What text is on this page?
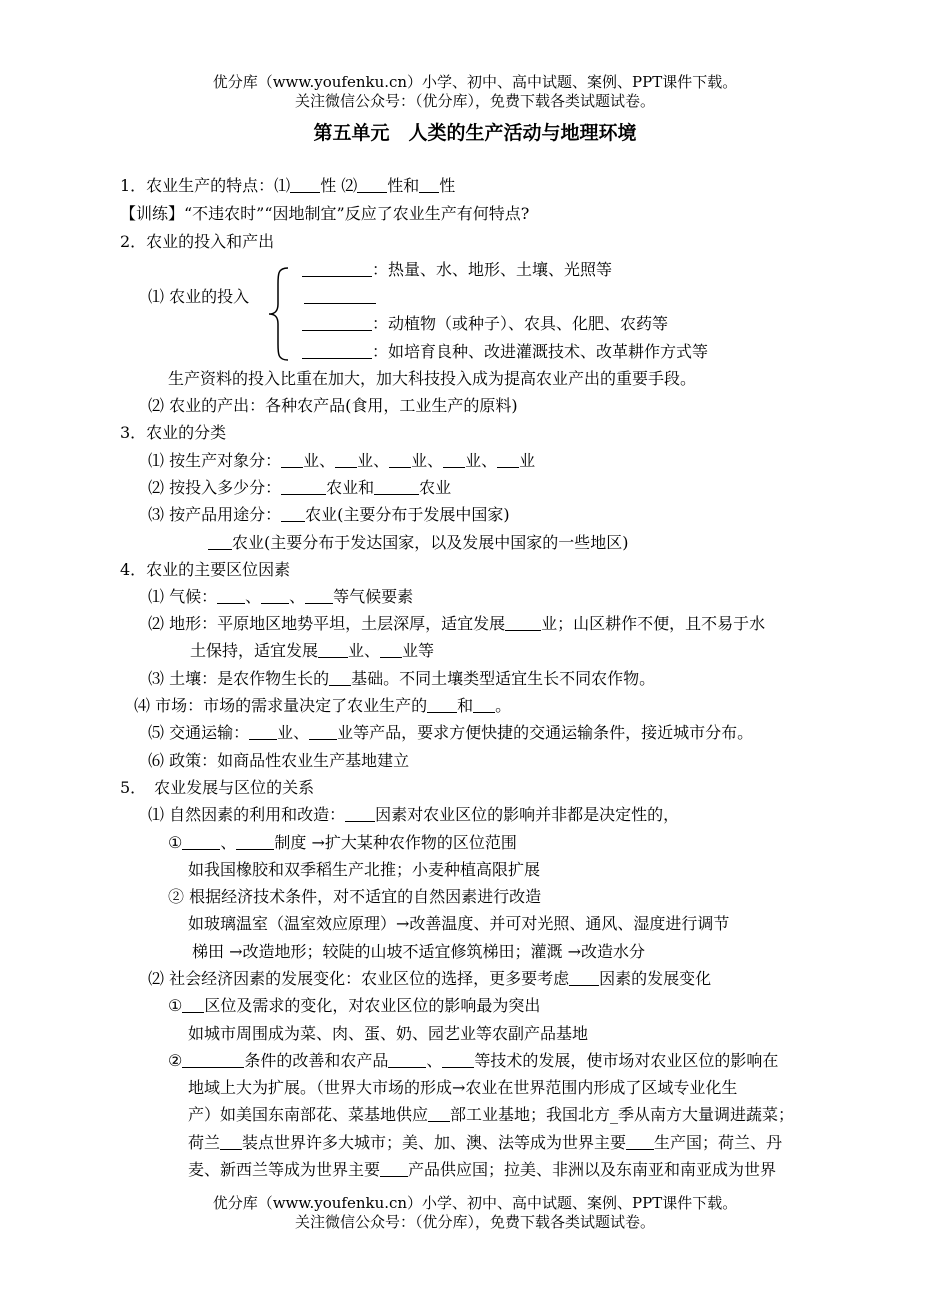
优分库（www.youfenku.cn）小学、初中、高中试题、案例、PPT课件下载。
关注微信公众号：（优分库），免费下载各类试题试卷。
第五单元　人类的生产活动与地理环境
1．农业生产的特点：⑴ 性 ⑵ 性和 性
【训练】“不违农时”“因地制宜”反应了农业生产有何特点?
2．农业的投入和产出
⑴ 农业的投入
：热量、水、地形、土壤、光照等
：动植物（或种子）、农具、化肥、农药等
：如培育良种、改进灌溉技术、改革耕作方式等
生产资料的投入比重在加大，加大科技投入成为提高农业产出的重要手段。
⑵ 农业的产出：各种农产品(食用，工业生产的原料)
3．农业的分类
⑴ 按生产对象分： 业、 业、 业、 业、 业
⑵ 按投入多少分：	农业和	农业
⑶ 按产品用途分： 农业(主要分布于发展中国家)
农业(主要分布于发达国家，以及发展中国家的一些地区)
4．农业的主要区位因素
⑴ 气候： 、 、 等气候要素
⑵ 地形：平原地区地势平坦，土层深厚，适宜发展 业；山区耕作不便，且不易于水
土保持，适宜发展 业、 业等
⑶ 土壤：是农作物生长的 基础。不同土壤类型适宜生长不同农作物。
⑷ 市场：市场的需求量决定了农业生产的 和 。
⑸ 交通运输： 业、 业等产品，要求方便快捷的交通运输条件，接近城市分布。
⑹ 政策：如商品性农业生产基地建立
5．　农业发展与区位的关系
⑴ 自然因素的利用和改造： 因素对农业区位的影响并非都是决定性的，
① 、 制度 →扩大某种农作物的区位范围
如我国橡胶和双季稻生产北推；小麦种植高限扩展
② 根据经济技术条件，对不适宜的自然因素进行改造
如玻璃温室（温室效应原理）→改善温度、并可对光照、通风、湿度进行调节
梯田 →改造地形；较陡的山坡不适宜修筑梯田；灌溉 →改造水分
⑵ 社会经济因素的发展变化：农业区位的选择，更多要考虑 因素的发展变化
① 区位及需求的变化，对农业区位的影响最为突出
如城市周围成为菜、肉、蛋、奶、园艺业等农副产品基地
②	条件的改善和农产品 、 等技术的发展，使市场对农业区位的影响在
地域上大为扩展。（世界大市场的形成→农业在世界范围内形成了区域专业化生
产）如美国东南部花、菜基地供应 部工业基地；我国北方_季从南方大量调进蔬菜；
荷兰 装点世界许多大城市；美、加、澳、法等成为世界主要 生产国；荷兰、丹
麦、新西兰等成为世界主要 产品供应国；拉美、非洲以及东南亚和南亚成为世界
优分库（www.youfenku.cn）小学、初中、高中试题、案例、PPT课件下载。
关注微信公众号：（优分库），免费下载各类试题试卷。
